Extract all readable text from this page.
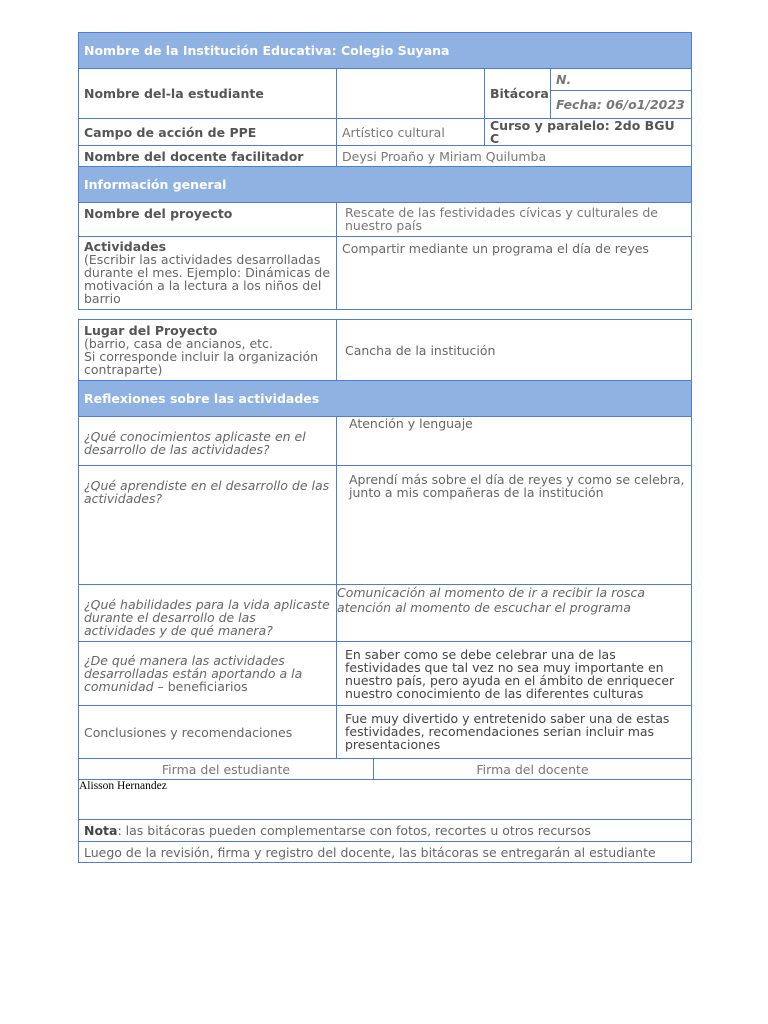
Nombre de la Institución Educativa: Colegio Suyana			
Nombre del-la estudiante		Bitácora	N.
			Fecha: 06/o1/2023
Campo de acción de PPE	Artístico cultural	Curso y paralelo: 2do BGU C	
Nombre del docente facilitador	Deysi Proaño y Miriam Quilumba		
Información general			
Nombre del proyecto	Rescate de las festividades cívicas y culturales de nuestro país		

Actividades
(Escribir las actividades desarrolladas durante el mes. Ejemplo: Dinámicas de motivación a la lectura a los niños del barrio	Compartir mediante un programa el día de reyes		
Lugar del Proyecto
(barrio, casa de ancianos, etc.
Si corresponde incluir la organización contraparte)	Cancha de la institución	
Reflexiones sobre las actividades		
¿Qué conocimientos aplicaste en el desarrollo de las actividades?	Atención y lenguaje	
¿Qué aprendiste en el desarrollo de las actividades?	Aprendí más sobre el día de reyes y como se celebra, junto a mis compañeras de la institución	
¿Qué habilidades para la vida aplicaste durante el desarrollo de las actividades y de qué manera?	Comunicación al momento de ir a recibir la rosca
atención al momento de escuchar el programa	

¿De qué manera las actividades desarrolladas están aportando a la comunidad – beneficiarios	En saber como se debe celebrar una de las festividades que tal vez no sea muy importante en nuestro país, pero ayuda en el ámbito de enriquecer nuestro conocimiento de las diferentes culturas	
Conclusiones y recomendaciones	Fue muy divertido y entretenido saber una de estas festividades, recomendaciones serian incluir mas presentaciones	
Firma del estudiante		Firma del docente
Alisson Hernandez		
Nota: las bitácoras pueden complementarse con fotos, recortes u otros recursos		
Luego de la revisión, firma y registro del docente, las bitácoras se entregarán al estudiante		
